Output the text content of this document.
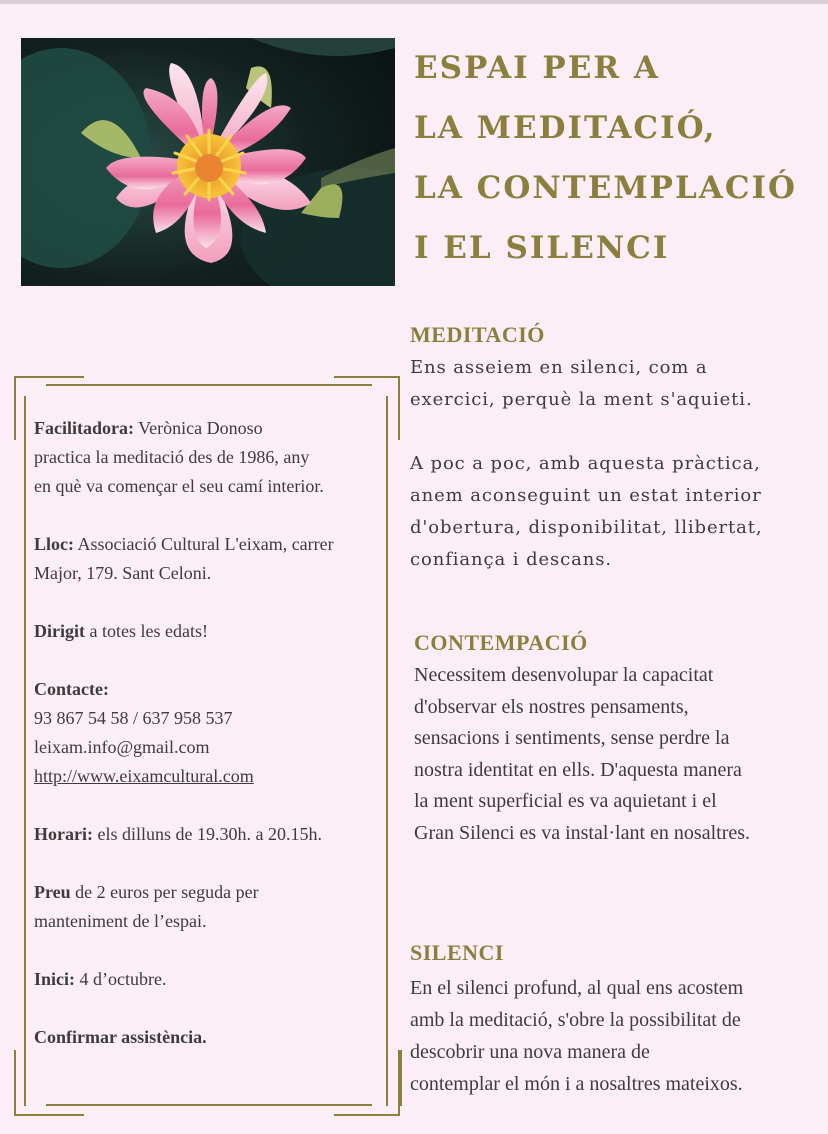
ESPAI PER A
LA MEDITACIÓ,
LA CONTEMPLACIÓ
I EL SILENCI
MEDITACIÓ
Ens asseiem en silenci, com a
exercici, perquè la ment s'aquieti.
A poc a poc, amb aquesta pràctica,
anem aconseguint un estat interior
d'obertura, disponibilitat, llibertat,
confiança i descans.
CONTEMPACIÓ
Necessitem desenvolupar la capacitat
d'observar els nostres pensaments,
sensacions i sentiments, sense perdre la
nostra identitat en ells. D'aquesta manera
la ment superficial es va aquietant i el
Gran Silenci es va instal·lant en nosaltres.
SILENCI
En el silenci profund, al qual ens acostem
amb la meditació, s'obre la possibilitat de
descobrir una nova manera de
contemplar el món i a nosaltres mateixos.

Facilitadora: Verònica Donoso

practica la meditació des de 1986, any

en què va començar el seu camí interior.

Lloc: Associació Cultural L'eixam, carrer

Major, 179. Sant Celoni.

Dirigit a totes les edats!

Contacte:

93 867 54 58 / 637 958 537

leixam.info@gmail.com

http://www.eixamcultural.com

Horari: els dilluns de 19.30h. a 20.15h.

Preu de 2 euros per seguda per

manteniment de l’espai.

Inici: 4 d’octubre.

Confirmar assistència.
